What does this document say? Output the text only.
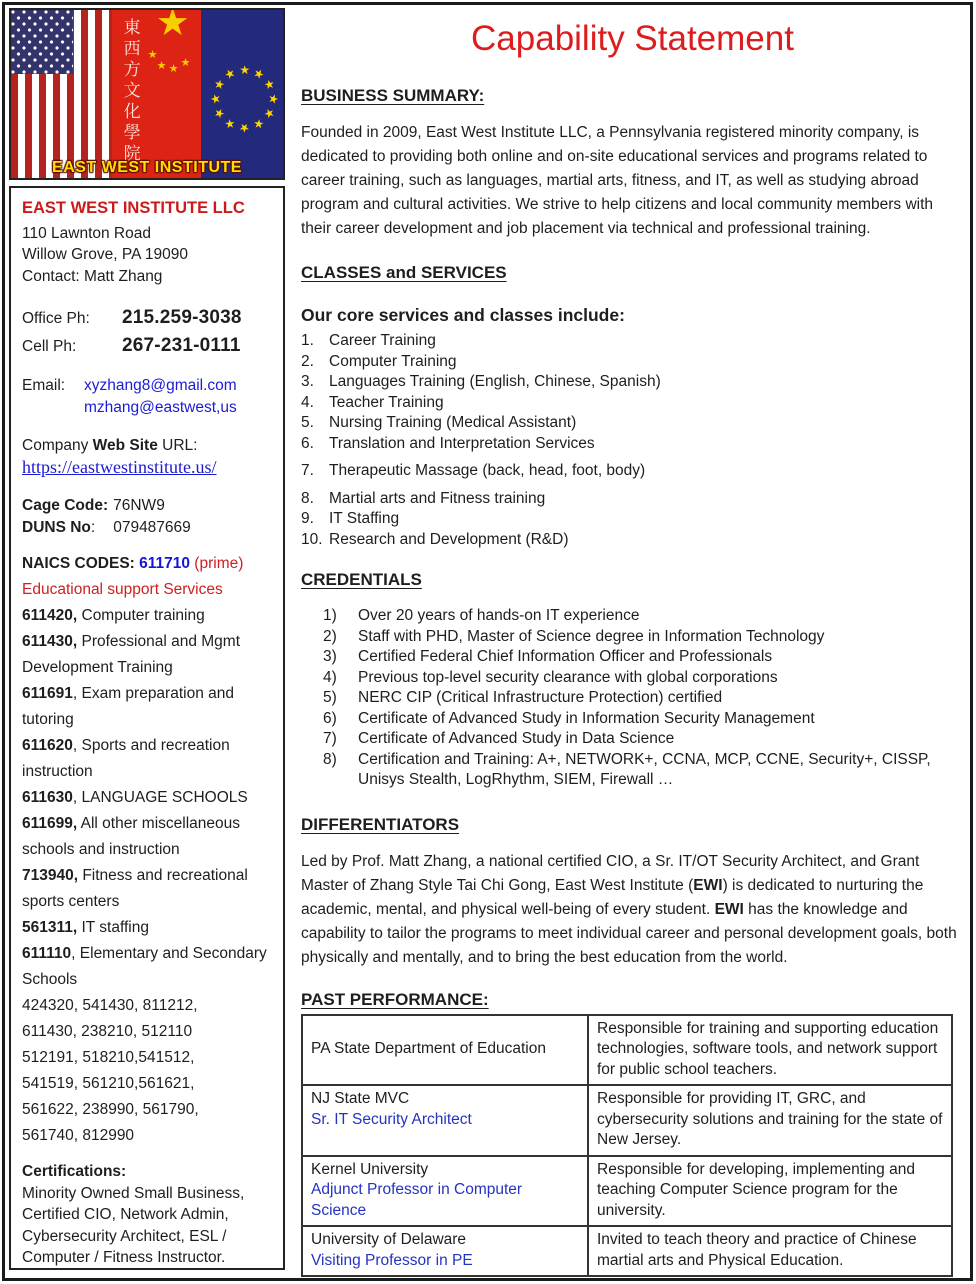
東西方文化學院
★
★
★
★
★
★
★
★
★
★
★
★
★
★
★
★
★
EAST WEST INSTITUTE
EAST WEST INSTITUTE LLC
110 Lawnton Road
Willow Grove, PA 19090
Contact: Matt Zhang
Office Ph:	215.259-3038
Cell Ph:	267-231-0111
Email:	xyzhang8@gmail.com
mzhang@eastwest,us
Company Web Site URL:
https://eastwestinstitute.us/
Cage Code: 76NW9
DUNS No: 079487669
NAICS CODES: 611710 (prime)
Educational support Services
611420, Computer training
611430, Professional and Mgmt Development Training
611691, Exam preparation and tutoring
611620, Sports and recreation instruction
611630, LANGUAGE SCHOOLS
611699, All other miscellaneous schools and instruction
713940, Fitness and recreational sports centers
561311, IT staffing
611110, Elementary and Secondary Schools
424320, 541430, 811212,
611430, 238210, 512110
512191, 518210,541512,
541519, 561210,561621,
561622, 238990, 561790,
561740, 812990
Certifications:
Minority Owned Small Business, Certified CIO, Network Admin, Cybersecurity Architect, ESL / Computer / Fitness Instructor.
Capability Statement
BUSINESS SUMMARY:
Founded in 2009, East West Institute LLC, a Pennsylvania registered minority company, is dedicated to providing both online and on-site educational services and programs related to career training, such as languages, martial arts, fitness, and IT, as well as studying abroad program and cultural activities. We strive to help citizens and local community members with their career development and job placement via technical and professional training.
CLASSES and SERVICES
Our core services and classes include:
1. Career Training
2. Computer Training
3. Languages Training (English, Chinese, Spanish)
4. Teacher Training
5. Nursing Training (Medical Assistant)
6. Translation and Interpretation Services
7. Therapeutic Massage (back, head, foot, body)
8. Martial arts and Fitness training
9. IT Staffing
10. Research and Development (R&D)
CREDENTIALS
1)	Over 20 years of hands-on IT experience
2)	Staff with PHD, Master of Science degree in Information Technology
3)	Certified Federal Chief Information Officer and Professionals
4)	Previous top-level security clearance with global corporations
5)	NERC CIP (Critical Infrastructure Protection) certified
6)	Certificate of Advanced Study in Information Security Management
7)	Certificate of Advanced Study in Data Science
8)	Certification and Training: A+, NETWORK+, CCNA, MCP, CCNE, Security+, CISSP, Unisys Stealth, LogRhythm, SIEM, Firewall …
DIFFERENTIATORS
Led by Prof. Matt Zhang, a national certified CIO, a Sr. IT/OT Security Architect, and Grant Master of Zhang Style Tai Chi Gong, East West Institute (EWI) is dedicated to nurturing the academic, mental, and physical well-being of every student. EWI has the knowledge and capability to tailor the programs to meet individual career and personal development goals, both physically and mentally, and to bring the best education from the world.
PAST PERFORMANCE:
PA State Department of Education	Responsible for training and supporting education technologies, software tools, and network support for public school teachers.

NJ State MVC
Sr. IT Security Architect	Responsible for providing IT, GRC, and cybersecurity solutions and training for the state of New Jersey.

Kernel University
Adjunct Professor in Computer Science	Responsible for developing, implementing and teaching Computer Science program for the university.

University of Delaware
Visiting Professor in PE	Invited to teach theory and practice of Chinese martial arts and Physical Education.
